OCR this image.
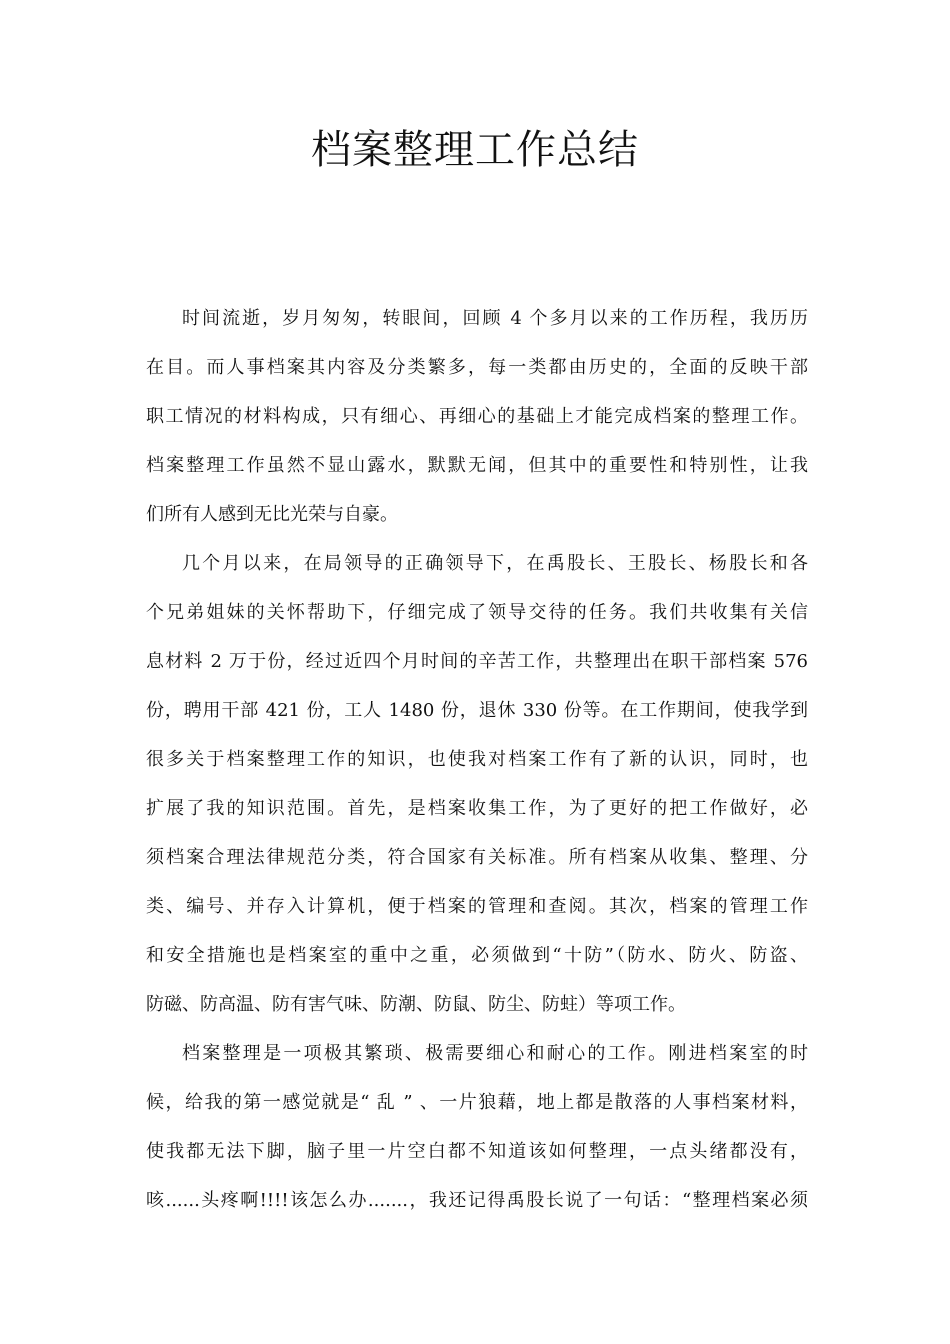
档案整理工作总结

时间流逝，岁月匆匆，转眼间，回顾 4 个多月以来的工作历程，我历历
在目。而人事档案其内容及分类繁多，每一类都由历史的，全面的反映干部
职工情况的材料构成，只有细心、再细心的基础上才能完成档案的整理工作。
档案整理工作虽然不显山露水，默默无闻，但其中的重要性和特别性，让我
们所有人感到无比光荣与自豪。

几个月以来，在局领导的正确领导下，在禹股长、王股长、杨股长和各
个兄弟姐妹的关怀帮助下，仔细完成了领导交待的任务。我们共收集有关信
息材料 2 万于份，经过近四个月时间的辛苦工作，共整理出在职干部档案 576
份，聘用干部 421 份，工人 1480 份，退休 330 份等。在工作期间，使我学到
很多关于档案整理工作的知识，也使我对档案工作有了新的认识，同时，也
扩展了我的知识范围。首先，是档案收集工作，为了更好的把工作做好，必
须档案合理法律规范分类，符合国家有关标准。所有档案从收集、整理、分
类、编号、并存入计算机，便于档案的管理和查阅。其次，档案的管理工作
和安全措施也是档案室的重中之重，必须做到“十防”（防水、防火、防盗、
防磁、防高温、防有害气味、防潮、防鼠、防尘、防蛀）等项工作。

档案整理是一项极其繁琐、极需要细心和耐心的工作。刚进档案室的时
候，给我的第一感觉就是“ 乱 ” 、一片狼藉，地上都是散落的人事档案材料，
使我都无法下脚，脑子里一片空白都不知道该如何整理，一点头绪都没有，
咳......头疼啊!!!!该怎么办.......，我还记得禹股长说了一句话：“整理档案必须
